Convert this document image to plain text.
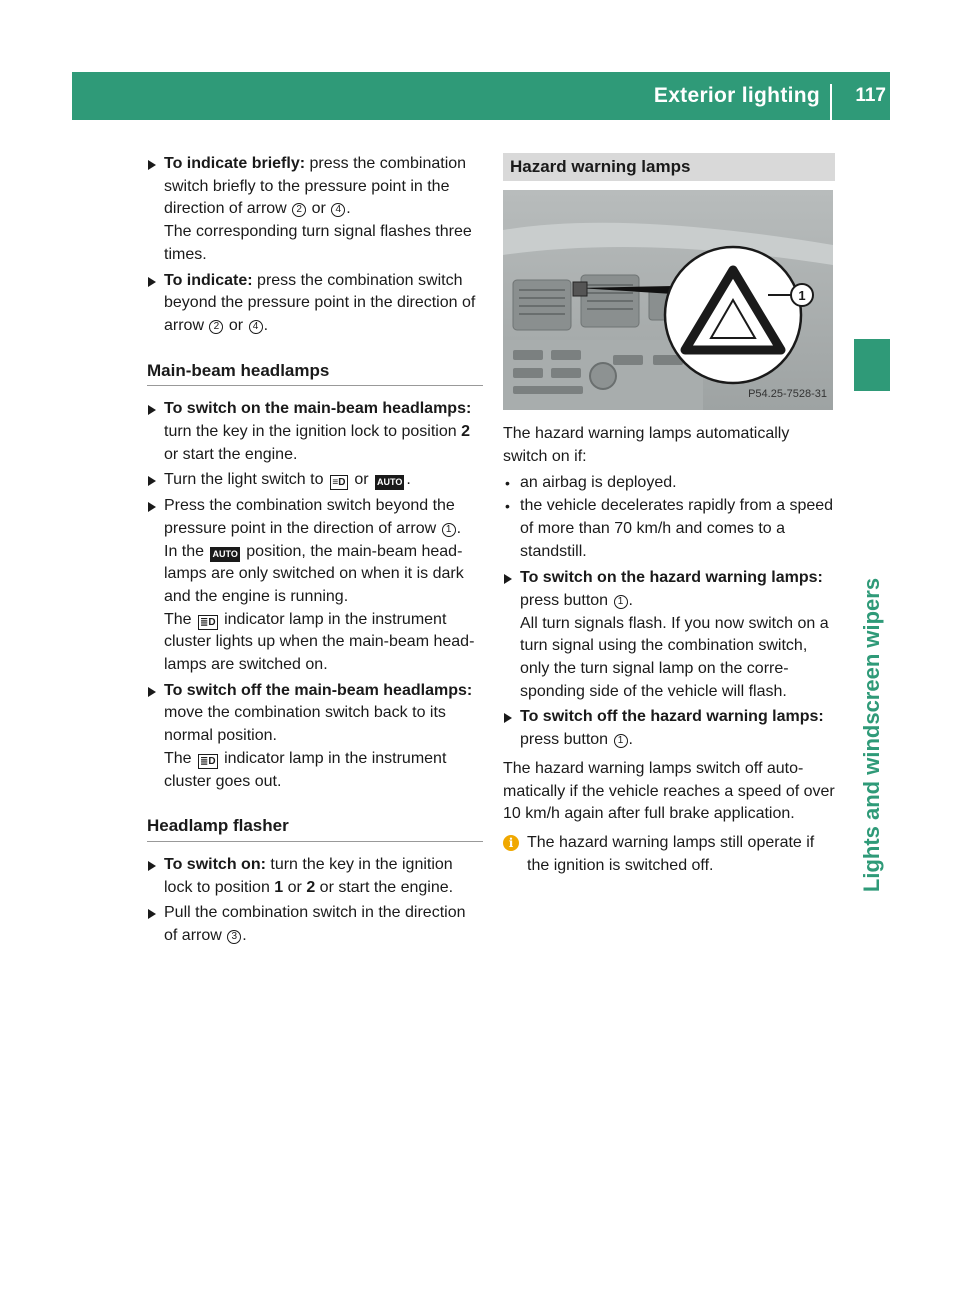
Exterior lighting 117
Lights and windscreen wipers
To indicate briefly: press the combination switch briefly to the pressure point in the direction of arrow 2 or 4 .
The corresponding turn signal flashes three times.
To indicate: press the combination switch beyond the pressure point in the direction of arrow 2 or 4 .
Main-beam headlamps
To switch on the main-beam headlamps: turn the key in the ignition lock to position 2 or start the engine.
Turn the light switch to ≡D or AUTO .
Press the combination switch beyond the pressure point in the direction of arrow 1 .
In the AUTO position, the main-beam headlamps are only switched on when it is dark and the engine is running.
The ≣D indicator lamp in the instrument cluster lights up when the main-beam headlamps are switched on.
To switch off the main-beam headlamps: move the combination switch back to its normal position.
The ≣D indicator lamp in the instrument cluster goes out.
Headlamp flasher
To switch on: turn the key in the ignition lock to position 1 or 2 or start the engine.
Pull the combination switch in the direction of arrow 3 .
Hazard warning lamps
1
P54.25-7528-31
The hazard warning lamps automatically switch on if:
• an airbag is deployed.
• the vehicle decelerates rapidly from a speed of more than 70 km/h and comes to a standstill.
To switch on the hazard warning lamps: press button 1 .
All turn signals flash. If you now switch on a turn signal using the combination switch, only the turn signal lamp on the corresponding side of the vehicle will flash.
To switch off the hazard warning lamps: press button 1 .
The hazard warning lamps switch off automatically if the vehicle reaches a speed of over 10 km/h again after full brake application.
i The hazard warning lamps still operate if the ignition is switched off.
